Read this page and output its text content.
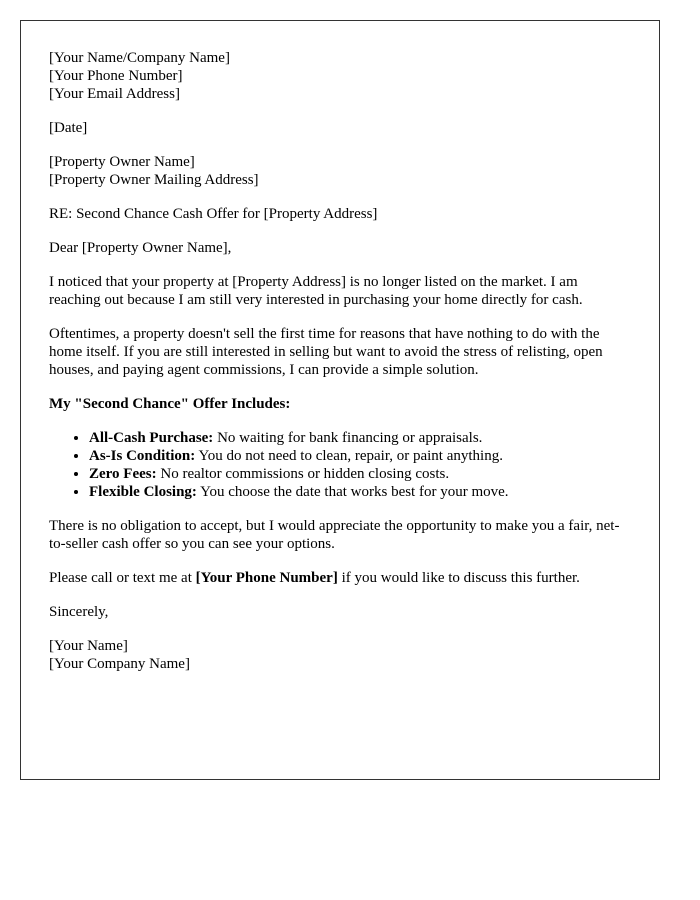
[Your Name/Company Name]
[Your Phone Number]
[Your Email Address]

[Date]

[Property Owner Name]
[Property Owner Mailing Address]

RE: Second Chance Cash Offer for [Property Address]

Dear [Property Owner Name],

I noticed that your property at [Property Address] is no longer listed on the market. I am reaching out because I am still very interested in purchasing your home directly for cash.

Oftentimes, a property doesn't sell the first time for reasons that have nothing to do with the home itself. If you are still interested in selling but want to avoid the stress of relisting, open houses, and paying agent commissions, I can provide a simple solution.

My "Second Chance" Offer Includes:

• All-Cash Purchase: No waiting for bank financing or appraisals.
• As-Is Condition: You do not need to clean, repair, or paint anything.
• Zero Fees: No realtor commissions or hidden closing costs.
• Flexible Closing: You choose the date that works best for your move.

There is no obligation to accept, but I would appreciate the opportunity to make you a fair, net-to-seller cash offer so you can see your options.

Please call or text me at [Your Phone Number] if you would like to discuss this further.

Sincerely,

[Your Name]
[Your Company Name]
